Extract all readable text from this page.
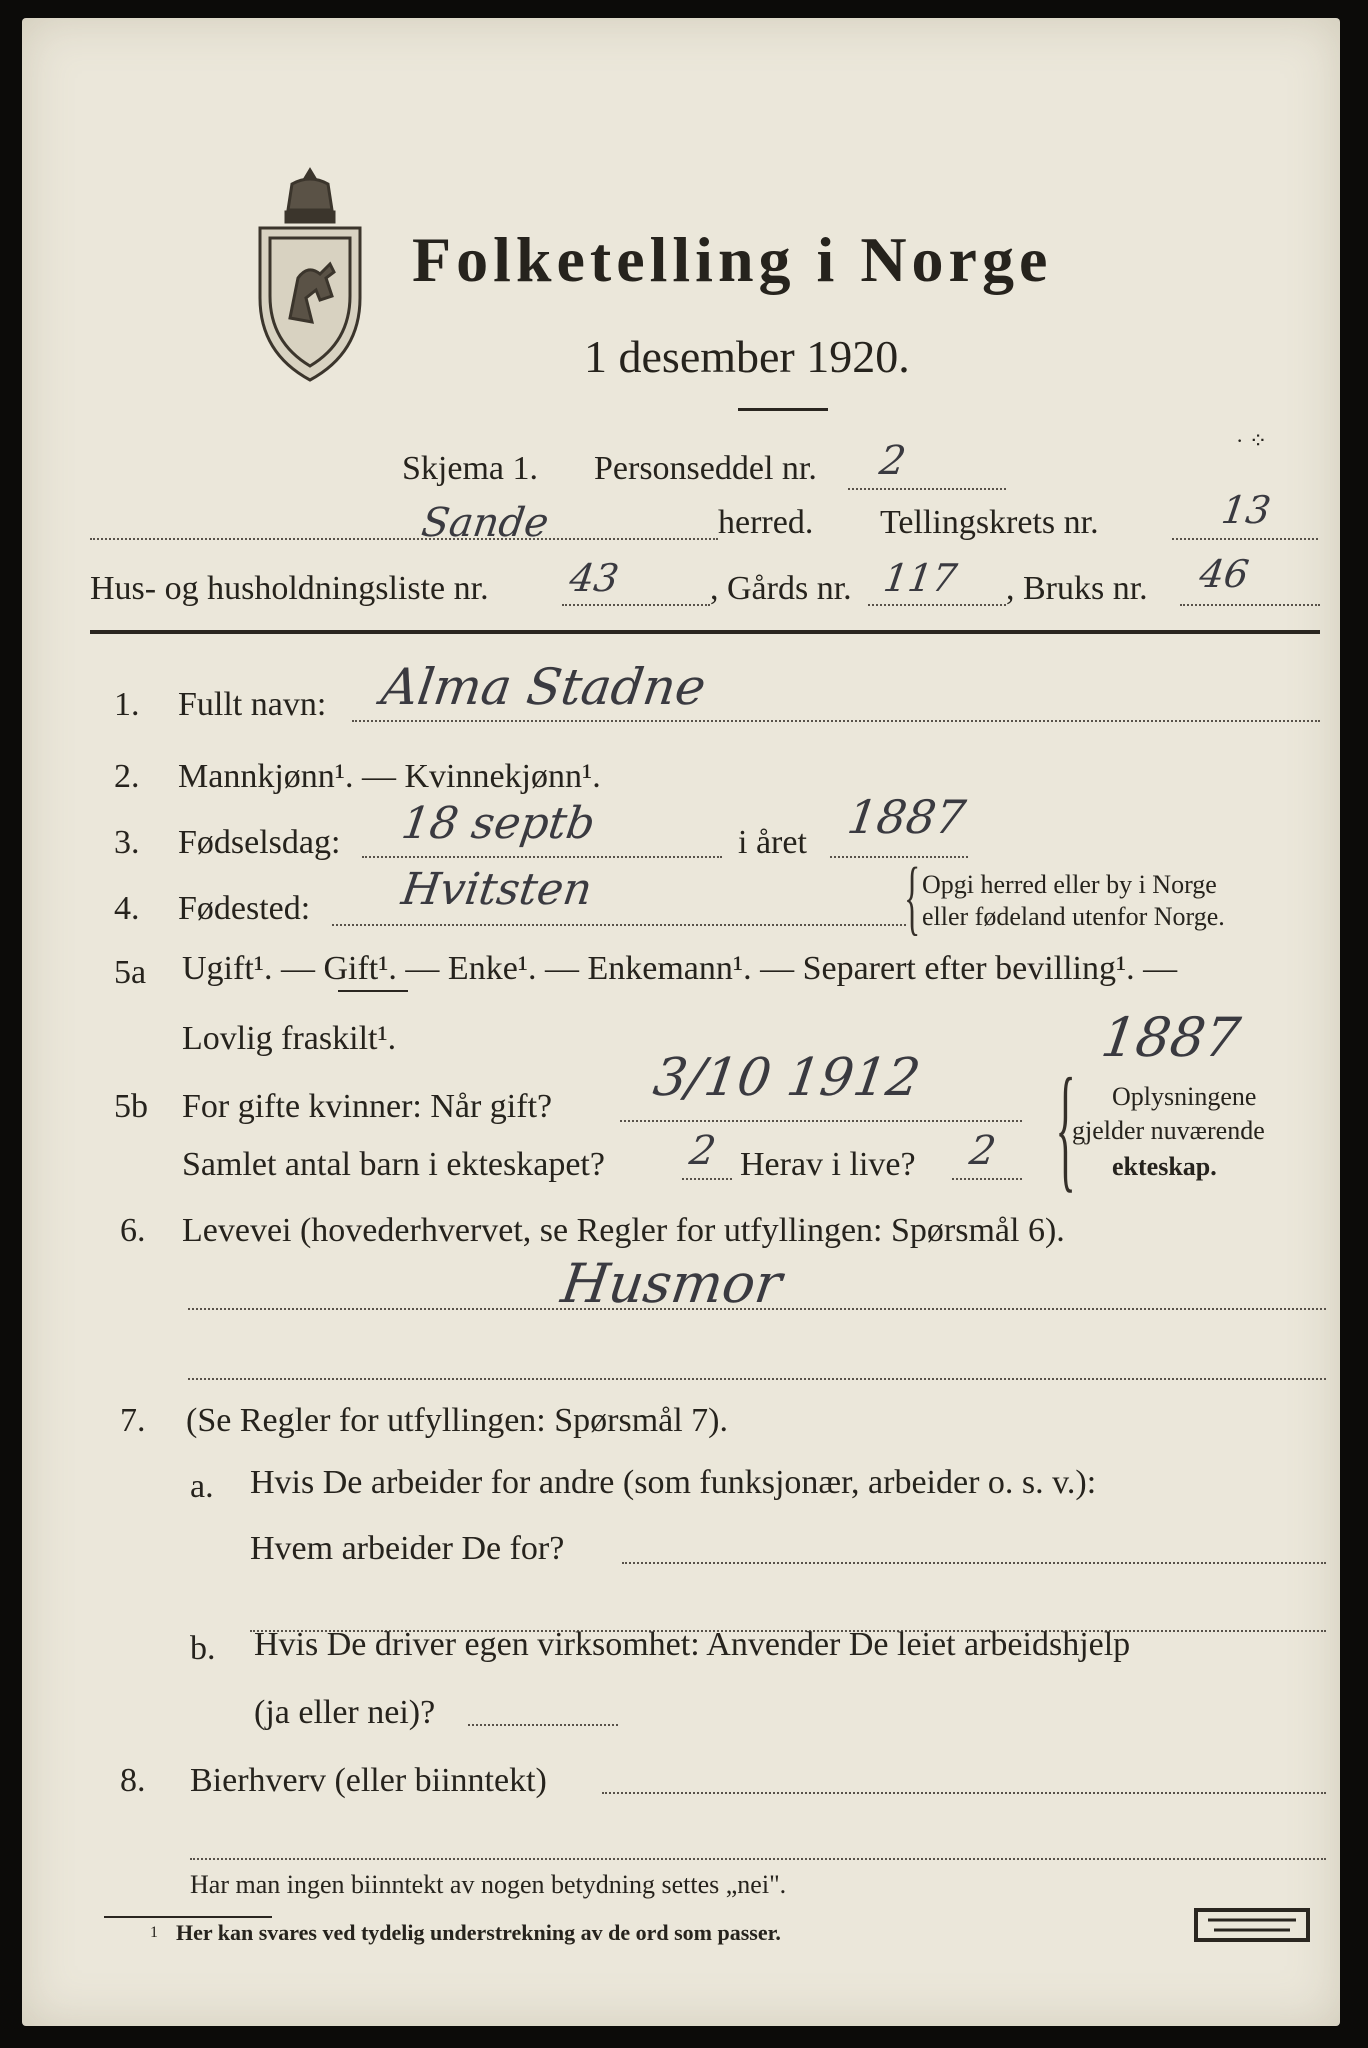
Folketelling i Norge
1 desember 1920.
Skjema 1. Personseddel nr. 2	· ⁘
Sande	herred. Tellingskrets nr.	13
Hus- og husholdningsliste nr. 43	, Gårds nr. 117 , Bruks nr. 46
1. Fullt navn: Alma Stadne
2. Mannkjønn¹. — Kvinnekjønn¹.
3. Fødselsdag: 18 septb	i året 1887
4. Fødested: Hvitsten	{ Opgi herred eller by i Norge
eller fødeland utenfor Norge.
5a Ugift¹. — Gift¹. — Enke¹. — Enkemann¹. — Separert efter bevilling¹. —
Lovlig fraskilt¹.	1887
5b For gifte kvinner: Når gift? 3/10 1912
Samlet antal barn i ekteskapet? 2 Herav i live? 2 { Oplysningene
gjelder nuværende
ekteskap.
6. Levevei (hovederhvervet, se Regler for utfyllingen: Spørsmål 6).
Husmor
7. (Se Regler for utfyllingen: Spørsmål 7).
a. Hvis De arbeider for andre (som funksjonær, arbeider o. s. v.):
Hvem arbeider De for?
b. Hvis De driver egen virksomhet: Anvender De leiet arbeidshjelp
(ja eller nei)?
8. Bierhverv (eller biinntekt)
Har man ingen biinntekt av nogen betydning settes „nei".
1 Her kan svares ved tydelig understrekning av de ord som passer.
